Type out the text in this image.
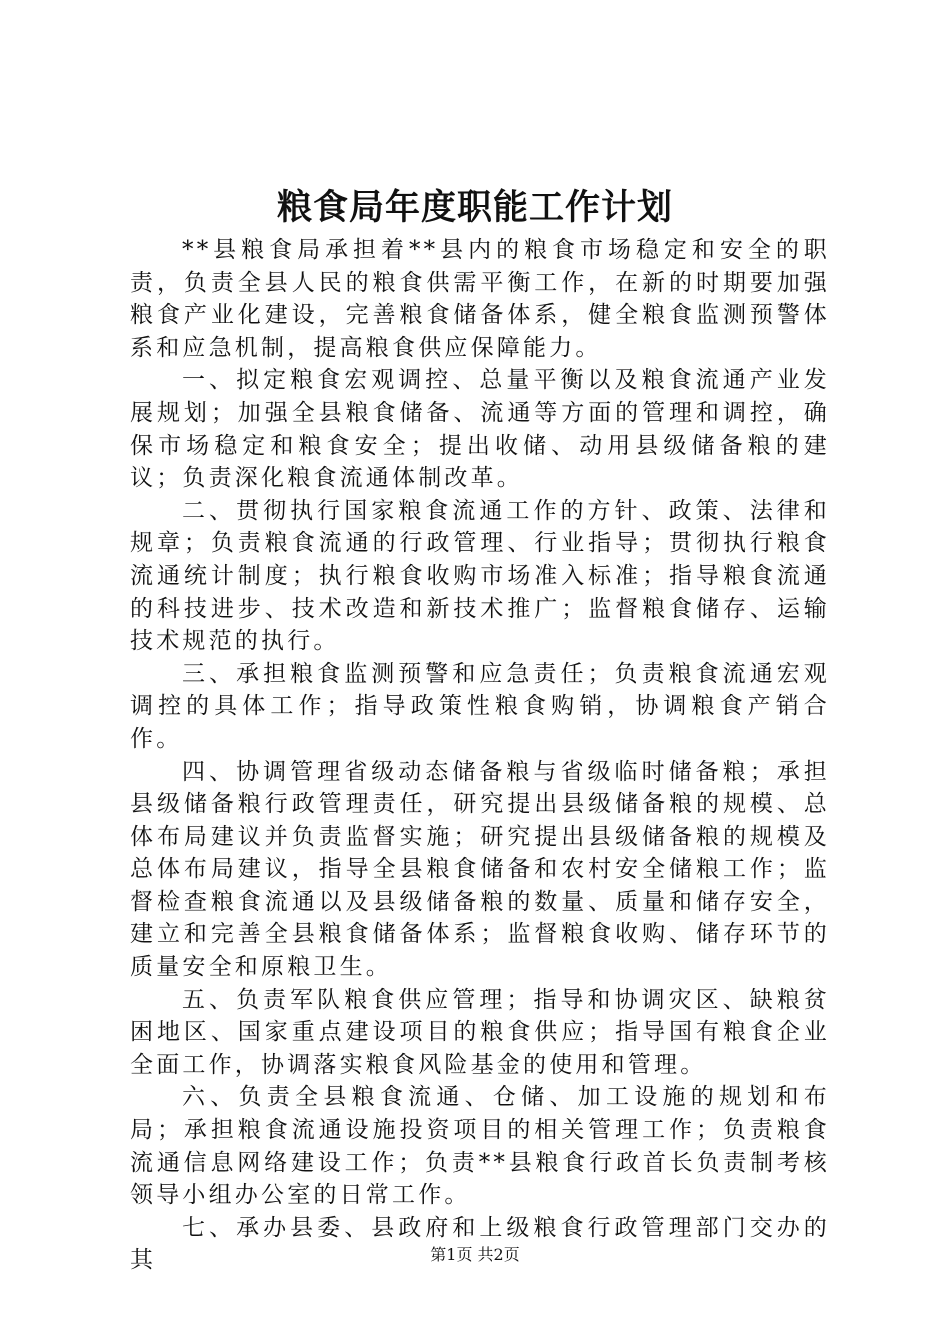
粮食局年度职能工作计划

**县粮食局承担着**县内的粮食市场稳定和安全的职责，负责全县人民的粮食供需平衡工作，在新的时期要加强粮食产业化建设，完善粮食储备体系，健全粮食监测预警体系和应急机制，提高粮食供应保障能力。

一、拟定粮食宏观调控、总量平衡以及粮食流通产业发展规划；加强全县粮食储备、流通等方面的管理和调控，确保市场稳定和粮食安全；提出收储、动用县级储备粮的建议；负责深化粮食流通体制改革。

二、贯彻执行国家粮食流通工作的方针、政策、法律和规章；负责粮食流通的行政管理、行业指导；贯彻执行粮食流通统计制度；执行粮食收购市场准入标准；指导粮食流通的科技进步、技术改造和新技术推广；监督粮食储存、运输技术规范的执行。

三、承担粮食监测预警和应急责任；负责粮食流通宏观调控的具体工作；指导政策性粮食购销，协调粮食产销合作。

四、协调管理省级动态储备粮与省级临时储备粮；承担县级储备粮行政管理责任，研究提出县级储备粮的规模、总体布局建议并负责监督实施；研究提出县级储备粮的规模及总体布局建议，指导全县粮食储备和农村安全储粮工作；监督检查粮食流通以及县级储备粮的数量、质量和储存安全，建立和完善全县粮食储备体系；监督粮食收购、储存环节的质量安全和原粮卫生。

五、负责军队粮食供应管理；指导和协调灾区、缺粮贫困地区、国家重点建设项目的粮食供应；指导国有粮食企业全面工作，协调落实粮食风险基金的使用和管理。

六、负责全县粮食流通、仓储、加工设施的规划和布局；承担粮食流通设施投资项目的相关管理工作；负责粮食流通信息网络建设工作；负责**县粮食行政首长负责制考核领导小组办公室的日常工作。

七、承办县委、县政府和上级粮食行政管理部门交办的其	第1页 共2页
